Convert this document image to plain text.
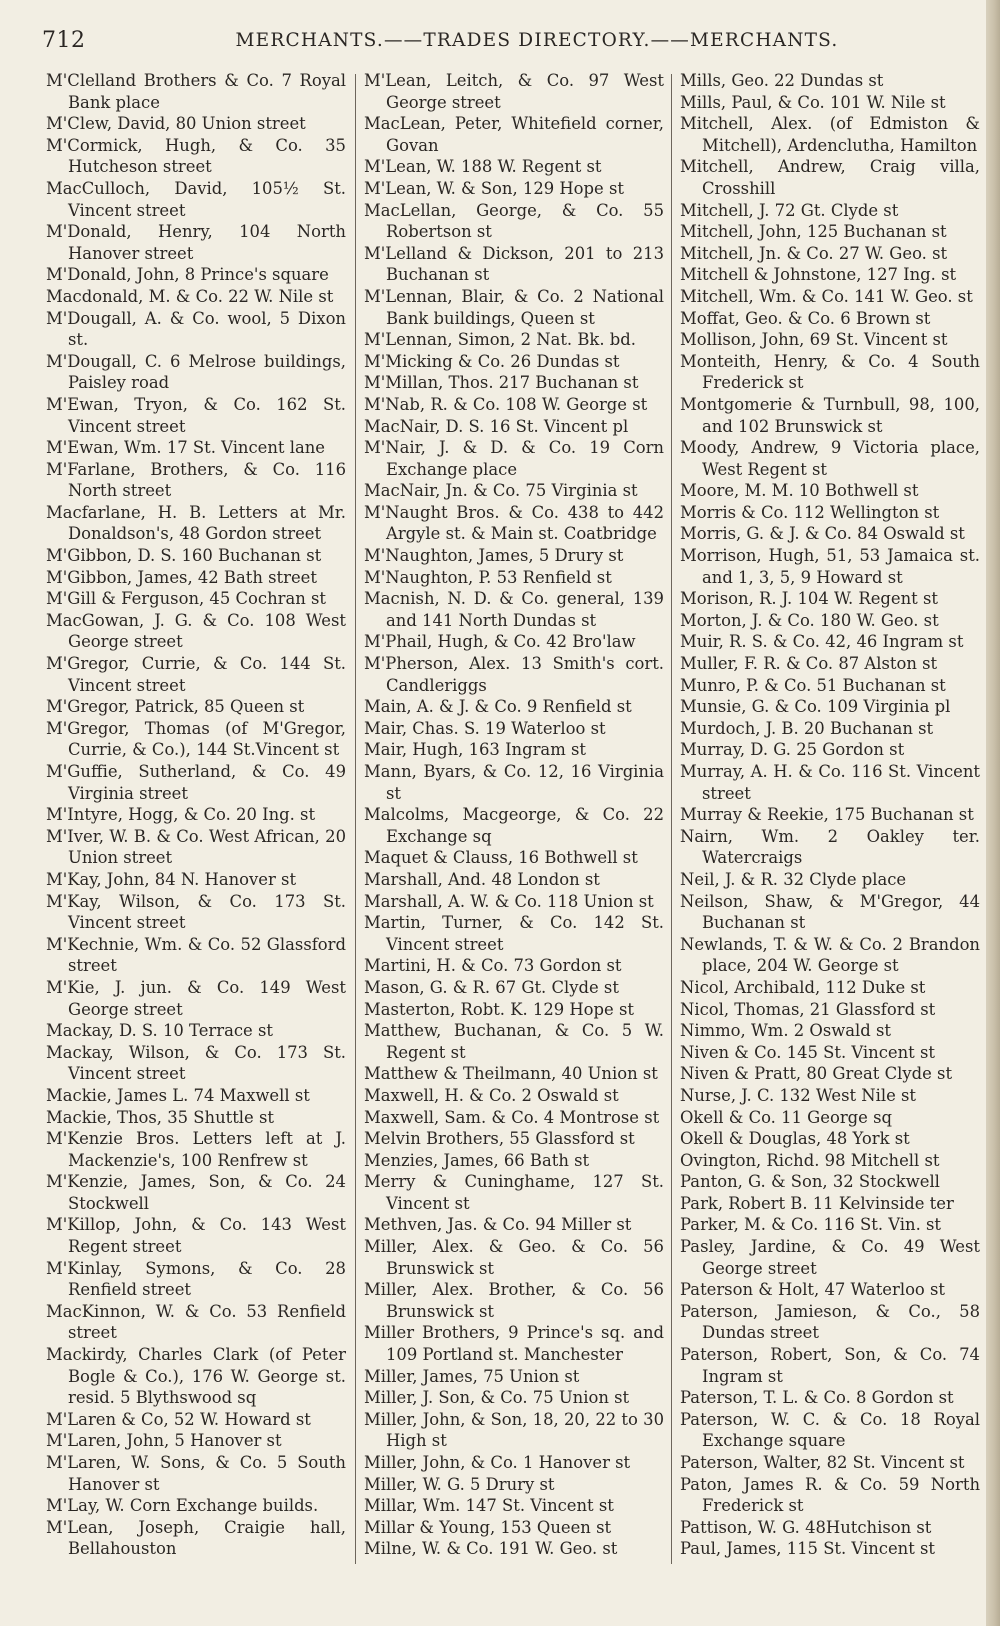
712	MERCHANTS.——TRADES DIRECTORY.——MERCHANTS.

M'Clelland Brothers & Co. 7 Royal Bank place

M'Clew, David, 80 Union street

M'Cormick, Hugh, & Co. 35 Hutcheson street

MacCulloch, David, 105½ St. Vincent street

M'Donald, Henry, 104 North Hanover street

M'Donald, John, 8 Prince's square

Macdonald, M. & Co. 22 W. Nile st

M'Dougall, A. & Co. wool, 5 Dixon st.

M'Dougall, C. 6 Melrose buildings, Paisley road

M'Ewan, Tryon, & Co. 162 St. Vincent street

M'Ewan, Wm. 17 St. Vincent lane

M'Farlane, Brothers, & Co. 116 North street

Macfarlane, H. B. Letters at Mr. Donaldson's, 48 Gordon street

M'Gibbon, D. S. 160 Buchanan st

M'Gibbon, James, 42 Bath street

M'Gill & Ferguson, 45 Cochran st

MacGowan, J. G. & Co. 108 West George street

M'Gregor, Currie, & Co. 144 St. Vincent street

M'Gregor, Patrick, 85 Queen st

M'Gregor, Thomas (of M'Gregor, Currie, & Co.), 144 St.Vincent st

M'Guffie, Sutherland, & Co. 49 Virginia street

M'Intyre, Hogg, & Co. 20 Ing. st

M'Iver, W. B. & Co. West African, 20 Union street

M'Kay, John, 84 N. Hanover st

M'Kay, Wilson, & Co. 173 St. Vincent street

M'Kechnie, Wm. & Co. 52 Glassford street

M'Kie, J. jun. & Co. 149 West George street

Mackay, D. S. 10 Terrace st

Mackay, Wilson, & Co. 173 St. Vincent street

Mackie, James L. 74 Maxwell st

Mackie, Thos, 35 Shuttle st

M'Kenzie Bros. Letters left at J. Mackenzie's, 100 Renfrew st

M'Kenzie, James, Son, & Co. 24 Stockwell

M'Killop, John, & Co. 143 West Regent street

M'Kinlay, Symons, & Co. 28 Renfield street

MacKinnon, W. & Co. 53 Renfield street

Mackirdy, Charles Clark (of Peter Bogle & Co.), 176 W. George st. resid. 5 Blythswood sq

M'Laren & Co, 52 W. Howard st

M'Laren, John, 5 Hanover st

M'Laren, W. Sons, & Co. 5 South Hanover st

M'Lay, W. Corn Exchange builds.

M'Lean, Joseph, Craigie hall, Bellahouston

M'Lean, Leitch, & Co. 97 West George street

MacLean, Peter, Whitefield corner, Govan

M'Lean, W. 188 W. Regent st

M'Lean, W. & Son, 129 Hope st

MacLellan, George, & Co. 55 Robertson st

M'Lelland & Dickson, 201 to 213 Buchanan st

M'Lennan, Blair, & Co. 2 National Bank buildings, Queen st

M'Lennan, Simon, 2 Nat. Bk. bd.

M'Micking & Co. 26 Dundas st

M'Millan, Thos. 217 Buchanan st

M'Nab, R. & Co. 108 W. George st

MacNair, D. S. 16 St. Vincent pl

M'Nair, J. & D. & Co. 19 Corn Exchange place

MacNair, Jn. & Co. 75 Virginia st

M'Naught Bros. & Co. 438 to 442 Argyle st. & Main st. Coatbridge

M'Naughton, James, 5 Drury st

M'Naughton, P. 53 Renfield st

Macnish, N. D. & Co. general, 139 and 141 North Dundas st

M'Phail, Hugh, & Co. 42 Bro'law

M'Pherson, Alex. 13 Smith's cort. Candleriggs

Main, A. & J. & Co. 9 Renfield st

Mair, Chas. S. 19 Waterloo st

Mair, Hugh, 163 Ingram st

Mann, Byars, & Co. 12, 16 Virginia st

Malcolms, Macgeorge, & Co. 22 Exchange sq

Maquet & Clauss, 16 Bothwell st

Marshall, And. 48 London st

Marshall, A. W. & Co. 118 Union st

Martin, Turner, & Co. 142 St. Vincent street

Martini, H. & Co. 73 Gordon st

Mason, G. & R. 67 Gt. Clyde st

Masterton, Robt. K. 129 Hope st

Matthew, Buchanan, & Co. 5 W. Regent st

Matthew & Theilmann, 40 Union st

Maxwell, H. & Co. 2 Oswald st

Maxwell, Sam. & Co. 4 Montrose st

Melvin Brothers, 55 Glassford st

Menzies, James, 66 Bath st

Merry & Cuninghame, 127 St. Vincent st

Methven, Jas. & Co. 94 Miller st

Miller, Alex. & Geo. & Co. 56 Brunswick st

Miller, Alex. Brother, & Co. 56 Brunswick st

Miller Brothers, 9 Prince's sq. and 109 Portland st. Manchester

Miller, James, 75 Union st

Miller, J. Son, & Co. 75 Union st

Miller, John, & Son, 18, 20, 22 to 30 High st

Miller, John, & Co. 1 Hanover st

Miller, W. G. 5 Drury st

Millar, Wm. 147 St. Vincent st

Millar & Young, 153 Queen st

Milne, W. & Co. 191 W. Geo. st

Mills, Geo. 22 Dundas st

Mills, Paul, & Co. 101 W. Nile st

Mitchell, Alex. (of Edmiston & Mitchell), Ardenclutha, Hamilton

Mitchell, Andrew, Craig villa, Crosshill

Mitchell, J. 72 Gt. Clyde st

Mitchell, John, 125 Buchanan st

Mitchell, Jn. & Co. 27 W. Geo. st

Mitchell & Johnstone, 127 Ing. st

Mitchell, Wm. & Co. 141 W. Geo. st

Moffat, Geo. & Co. 6 Brown st

Mollison, John, 69 St. Vincent st

Monteith, Henry, & Co. 4 South Frederick st

Montgomerie & Turnbull, 98, 100, and 102 Brunswick st

Moody, Andrew, 9 Victoria place, West Regent st

Moore, M. M. 10 Bothwell st

Morris & Co. 112 Wellington st

Morris, G. & J. & Co. 84 Oswald st

Morrison, Hugh, 51, 53 Jamaica st. and 1, 3, 5, 9 Howard st

Morison, R. J. 104 W. Regent st

Morton, J. & Co. 180 W. Geo. st

Muir, R. S. & Co. 42, 46 Ingram st

Muller, F. R. & Co. 87 Alston st

Munro, P. & Co. 51 Buchanan st

Munsie, G. & Co. 109 Virginia pl

Murdoch, J. B. 20 Buchanan st

Murray, D. G. 25 Gordon st

Murray, A. H. & Co. 116 St. Vincent street

Murray & Reekie, 175 Buchanan st

Nairn, Wm. 2 Oakley ter. Watercraigs

Neil, J. & R. 32 Clyde place

Neilson, Shaw, & M'Gregor, 44 Buchanan st

Newlands, T. & W. & Co. 2 Brandon place, 204 W. George st

Nicol, Archibald, 112 Duke st

Nicol, Thomas, 21 Glassford st

Nimmo, Wm. 2 Oswald st

Niven & Co. 145 St. Vincent st

Niven & Pratt, 80 Great Clyde st

Nurse, J. C. 132 West Nile st

Okell & Co. 11 George sq

Okell & Douglas, 48 York st

Ovington, Richd. 98 Mitchell st

Panton, G. & Son, 32 Stockwell

Park, Robert B. 11 Kelvinside ter

Parker, M. & Co. 116 St. Vin. st

Pasley, Jardine, & Co. 49 West George street

Paterson & Holt, 47 Waterloo st

Paterson, Jamieson, & Co., 58 Dundas street

Paterson, Robert, Son, & Co. 74 Ingram st

Paterson, T. L. & Co. 8 Gordon st

Paterson, W. C. & Co. 18 Royal Exchange square

Paterson, Walter, 82 St. Vincent st

Paton, James R. & Co. 59 North Frederick st

Pattison, W. G. 48Hutchison st

Paul, James, 115 St. Vincent st
